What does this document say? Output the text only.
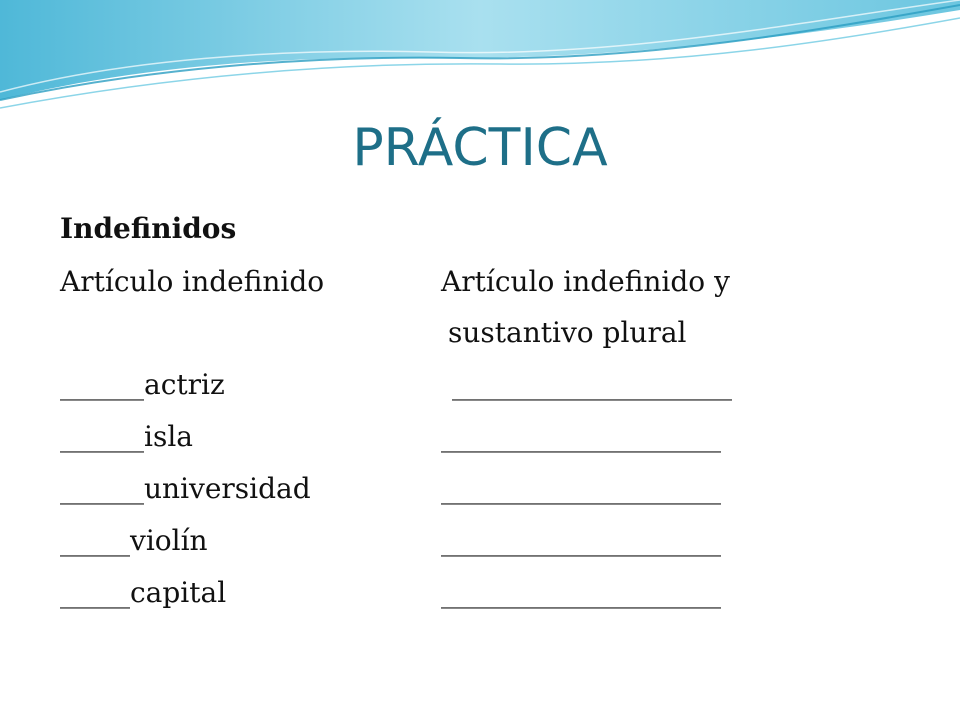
PRÁCTICA
Indefinidos
Artículo indefinido	Artículo indefinido y
sustantivo plural
______actriz	____________________
______isla	____________________
______universidad	____________________
_____violín	____________________
_____capital	____________________
